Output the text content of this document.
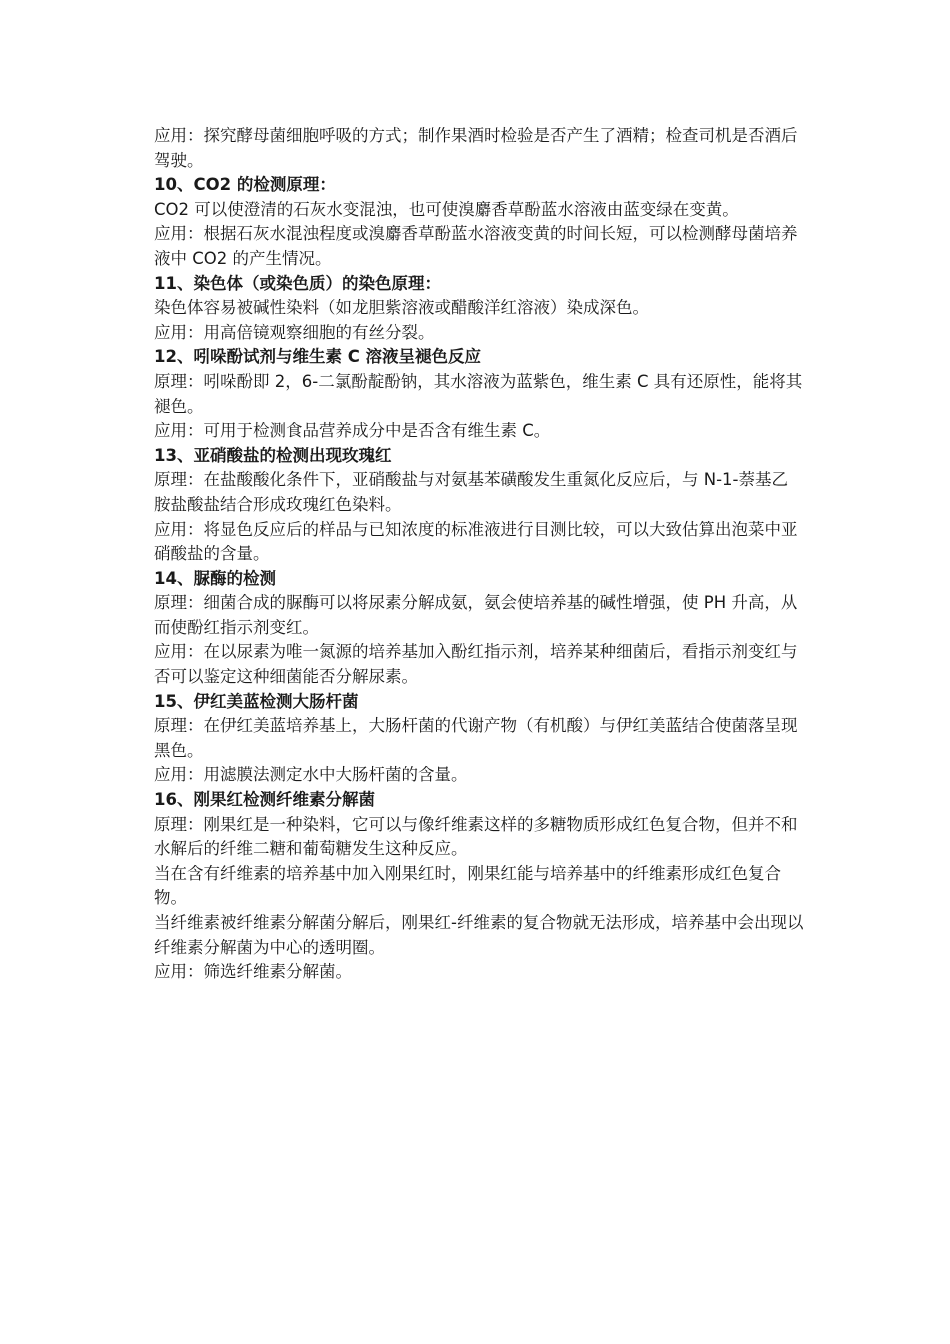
应用：探究酵母菌细胞呼吸的方式；制作果酒时检验是否产生了酒精；检查司机是否酒后驾驶。

10、CO2 的检测原理：

CO2 可以使澄清的石灰水变混浊，也可使溴麝香草酚蓝水溶液由蓝变绿在变黄。

应用：根据石灰水混浊程度或溴麝香草酚蓝水溶液变黄的时间长短，可以检测酵母菌培养液中 CO2 的产生情况。

11、染色体（或染色质）的染色原理：

染色体容易被碱性染料（如龙胆紫溶液或醋酸洋红溶液）染成深色。

应用：用高倍镜观察细胞的有丝分裂。

12、吲哚酚试剂与维生素 C 溶液呈褪色反应

原理：吲哚酚即 2，6-二氯酚靛酚钠，其水溶液为蓝紫色，维生素 C 具有还原性，能将其褪色。

应用：可用于检测食品营养成分中是否含有维生素 C。

13、亚硝酸盐的检测出现玫瑰红

原理：在盐酸酸化条件下，亚硝酸盐与对氨基苯磺酸发生重氮化反应后，与 N-1-萘基乙胺盐酸盐结合形成玫瑰红色染料。

应用：将显色反应后的样品与已知浓度的标准液进行目测比较，可以大致估算出泡菜中亚硝酸盐的含量。

14、脲酶的检测

原理：细菌合成的脲酶可以将尿素分解成氨，氨会使培养基的碱性增强，使 PH 升高，从而使酚红指示剂变红。

应用：在以尿素为唯一氮源的培养基加入酚红指示剂，培养某种细菌后，看指示剂变红与否可以鉴定这种细菌能否分解尿素。

15、伊红美蓝检测大肠杆菌

原理：在伊红美蓝培养基上，大肠杆菌的代谢产物（有机酸）与伊红美蓝结合使菌落呈现黑色。

应用：用滤膜法测定水中大肠杆菌的含量。

16、刚果红检测纤维素分解菌

原理：刚果红是一种染料，它可以与像纤维素这样的多糖物质形成红色复合物，但并不和水解后的纤维二糖和葡萄糖发生这种反应。

当在含有纤维素的培养基中加入刚果红时，刚果红能与培养基中的纤维素形成红色复合物。

当纤维素被纤维素分解菌分解后，刚果红-纤维素的复合物就无法形成，培养基中会出现以纤维素分解菌为中心的透明圈。

应用：筛选纤维素分解菌。
